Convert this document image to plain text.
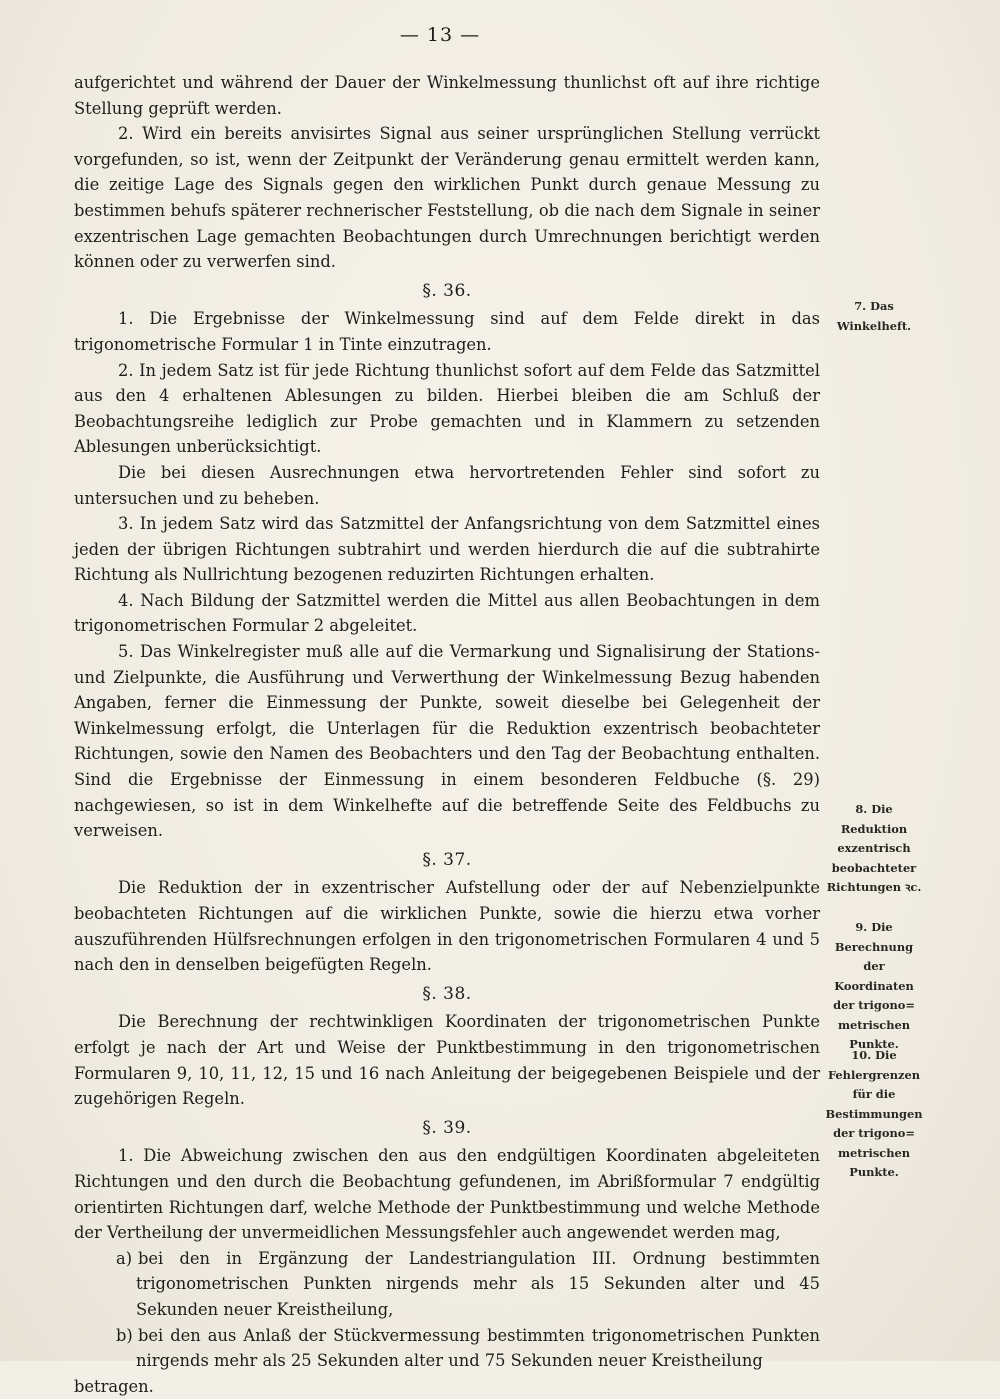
— 13 —

aufgerichtet und während der Dauer der Winkelmessung thunlichst oft auf ihre richtige Stellung geprüft werden.

2. Wird ein bereits anvisirtes Signal aus seiner ursprünglichen Stellung verrückt vorgefunden, so ist, wenn der Zeitpunkt der Veränderung genau ermittelt werden kann, die zeitige Lage des Signals gegen den wirklichen Punkt durch genaue Messung zu bestimmen behufs späterer rechnerischer Feststellung, ob die nach dem Signale in seiner exzentrischen Lage gemachten Beobachtungen durch Umrechnungen berichtigt werden können oder zu verwerfen sind.

§. 36.

1. Die Ergebnisse der Winkelmessung sind auf dem Felde direkt in das trigonometrische Formular 1 in Tinte einzutragen.

2. In jedem Satz ist für jede Richtung thunlichst sofort auf dem Felde das Satzmittel aus den 4 erhaltenen Ablesungen zu bilden. Hierbei bleiben die am Schluß der Beobachtungsreihe lediglich zur Probe gemachten und in Klammern zu setzenden Ablesungen unberücksichtigt.

Die bei diesen Ausrechnungen etwa hervortretenden Fehler sind sofort zu untersuchen und zu beheben.

3. In jedem Satz wird das Satzmittel der Anfangsrichtung von dem Satzmittel eines jeden der übrigen Richtungen subtrahirt und werden hierdurch die auf die subtrahirte Richtung als Nullrichtung bezogenen reduzirten Richtungen erhalten.

4. Nach Bildung der Satzmittel werden die Mittel aus allen Beobachtungen in dem trigonometrischen Formular 2 abgeleitet.

5. Das Winkelregister muß alle auf die Vermarkung und Signalisirung der Stations- und Zielpunkte, die Ausführung und Verwerthung der Winkelmessung Bezug habenden Angaben, ferner die Einmessung der Punkte, soweit dieselbe bei Gelegenheit der Winkelmessung erfolgt, die Unterlagen für die Reduktion exzentrisch beobachteter Richtungen, sowie den Namen des Beobachters und den Tag der Beobachtung enthalten. Sind die Ergebnisse der Einmessung in einem besonderen Feldbuche (§. 29) nachgewiesen, so ist in dem Winkelhefte auf die betreffende Seite des Feldbuchs zu verweisen.

§. 37.

Die Reduktion der in exzentrischer Aufstellung oder der auf Nebenzielpunkte beobachteten Richtungen auf die wirklichen Punkte, sowie die hierzu etwa vorher auszuführenden Hülfsrechnungen erfolgen in den trigonometrischen Formularen 4 und 5 nach den in denselben beigefügten Regeln.

§. 38.

Die Berechnung der rechtwinkligen Koordinaten der trigonometrischen Punkte erfolgt je nach der Art und Weise der Punktbestimmung in den trigonometrischen Formularen 9, 10, 11, 12, 15 und 16 nach Anleitung der beigegebenen Beispiele und der zugehörigen Regeln.

§. 39.

1. Die Abweichung zwischen den aus den endgültigen Koordinaten abgeleiteten Richtungen und den durch die Beobachtung gefundenen, im Abrißformular 7 endgültig orientirten Richtungen darf, welche Methode der Punktbestimmung und welche Methode der Vertheilung der unvermeidlichen Messungsfehler auch angewendet werden mag,

a) bei den in Ergänzung der Landestriangulation III. Ordnung bestimmten trigonometrischen Punkten nirgends mehr als 15 Sekunden alter und 45 Sekunden neuer Kreistheilung,

b) bei den aus Anlaß der Stückvermessung bestimmten trigonometrischen Punkten nirgends mehr als 25 Sekunden alter und 75 Sekunden neuer Kreistheilung

betragen.

7. Das
Winkelheft.
8. Die
Reduktion
exzentrisch
beobachteter
Richtungen ꝛc.
9. Die
Berechnung
der Koordinaten
der trigono=
metrischen
Punkte.
10. Die
Fehlergrenzen
für die
Bestimmungen
der trigono=
metrischen
Punkte.
